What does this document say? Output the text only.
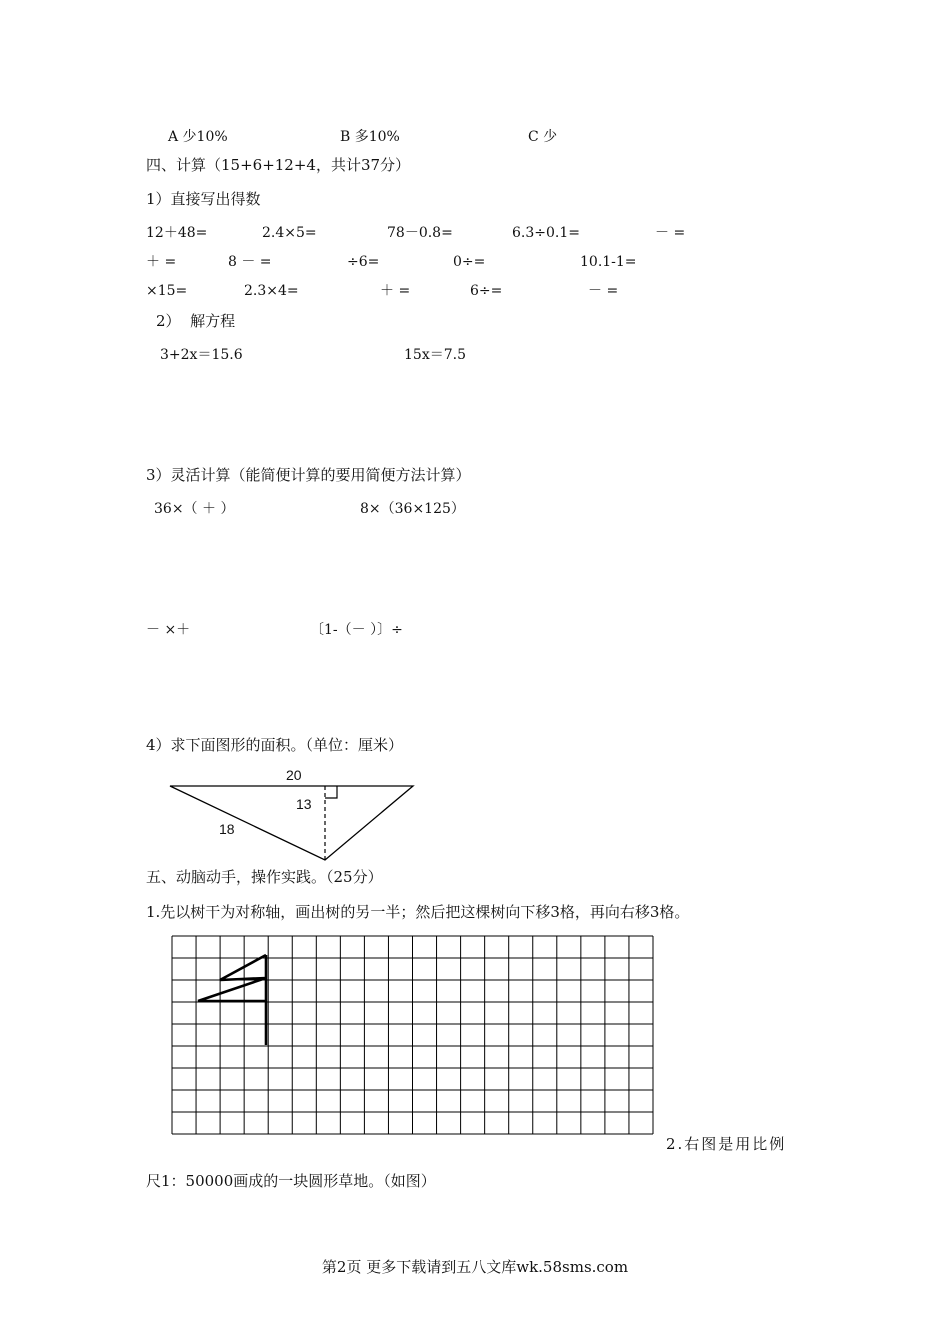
A 少10%	B 多10%	C 少
四、计算（15+6+12+4，共计37分）
1）直接写出得数
12＋48=	2.4×5=	78－0.8=	6.3÷0.1=	－ =
＋ =	8 － =	÷6=	0÷=	10.1-1=
×15=	2.3×4=	＋ =	6÷=	－ =
2）  解方程
3+2x＝15.6	15x＝7.5
3）灵活计算（能简便计算的要用简便方法计算）
36×（ ＋ ）	8×（36×125）
－ ×＋	〔1-（－ ）〕÷
4）求下面图形的面积。（单位：厘米）
20
13
18
五、动脑动手，操作实践。（25分）
1.先以树干为对称轴，画出树的另一半；然后把这棵树向下移3格，再向右移3格。
2.右图是用比例
尺1：50000画成的一块圆形草地。（如图）
第2页 更多下载请到五八文库wk.58sms.com
